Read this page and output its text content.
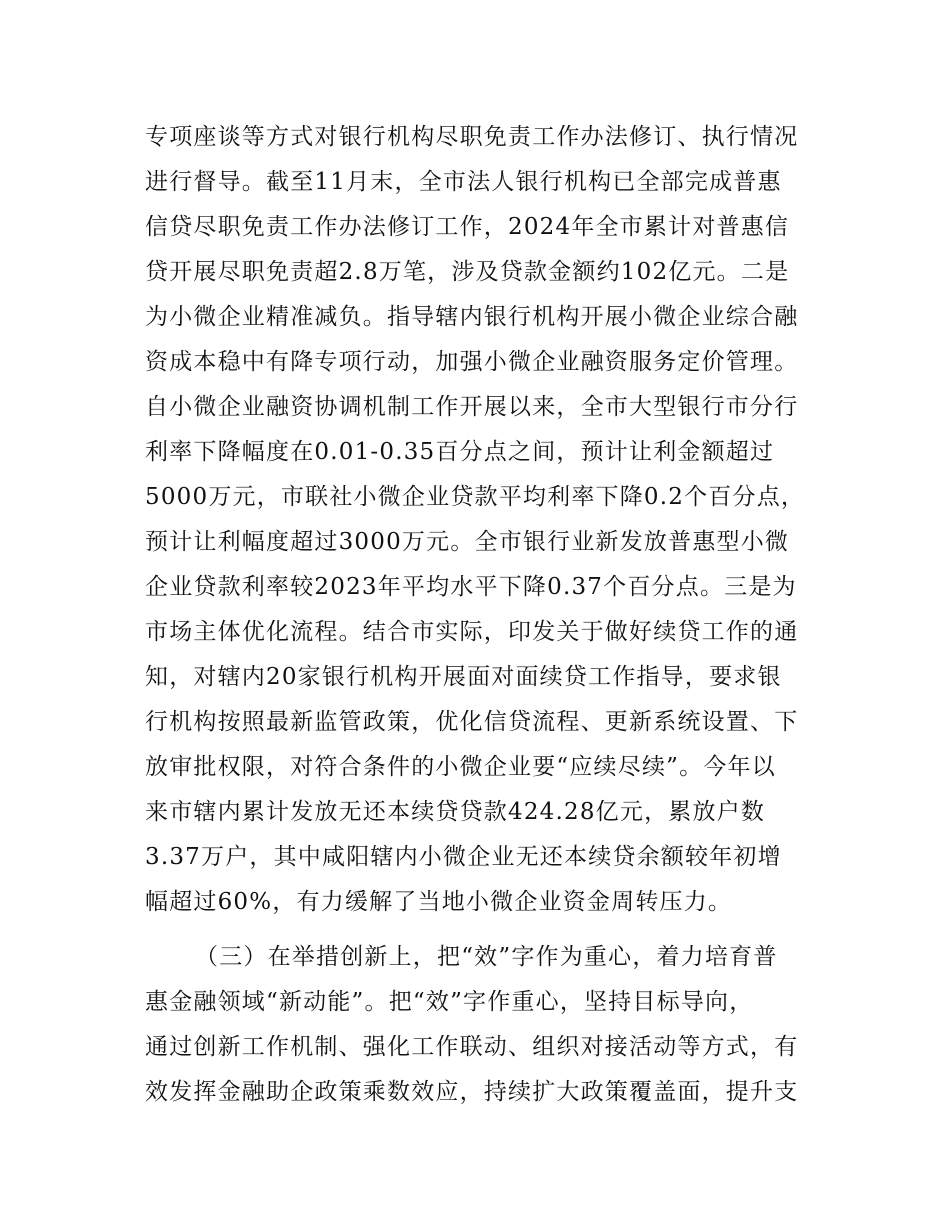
专项座谈等方式对银行机构尽职免责工作办法修订、执行情况
进行督导。截至11月末，全市法人银行机构已全部完成普惠
信贷尽职免责工作办法修订工作，2024年全市累计对普惠信
贷开展尽职免责超2.8万笔，涉及贷款金额约102亿元。二是
为小微企业精准减负。指导辖内银行机构开展小微企业综合融
资成本稳中有降专项行动，加强小微企业融资服务定价管理。
自小微企业融资协调机制工作开展以来，全市大型银行市分行
利率下降幅度在0.01-0.35百分点之间，预计让利金额超过
5000万元，市联社小微企业贷款平均利率下降0.2个百分点，
预计让利幅度超过3000万元。全市银行业新发放普惠型小微
企业贷款利率较2023年平均水平下降0.37个百分点。三是为
市场主体优化流程。结合市实际，印发关于做好续贷工作的通
知，对辖内20家银行机构开展面对面续贷工作指导，要求银
行机构按照最新监管政策，优化信贷流程、更新系统设置、下
放审批权限，对符合条件的小微企业要“应续尽续”。今年以
来市辖内累计发放无还本续贷贷款424.28亿元，累放户数
3.37万户，其中咸阳辖内小微企业无还本续贷余额较年初增
幅超过60%，有力缓解了当地小微企业资金周转压力。
（三）在举措创新上，把“效”字作为重心，着力培育普
惠金融领域“新动能”。把“效”字作重心，坚持目标导向，
通过创新工作机制、强化工作联动、组织对接活动等方式，有
效发挥金融助企政策乘数效应，持续扩大政策覆盖面，提升支
